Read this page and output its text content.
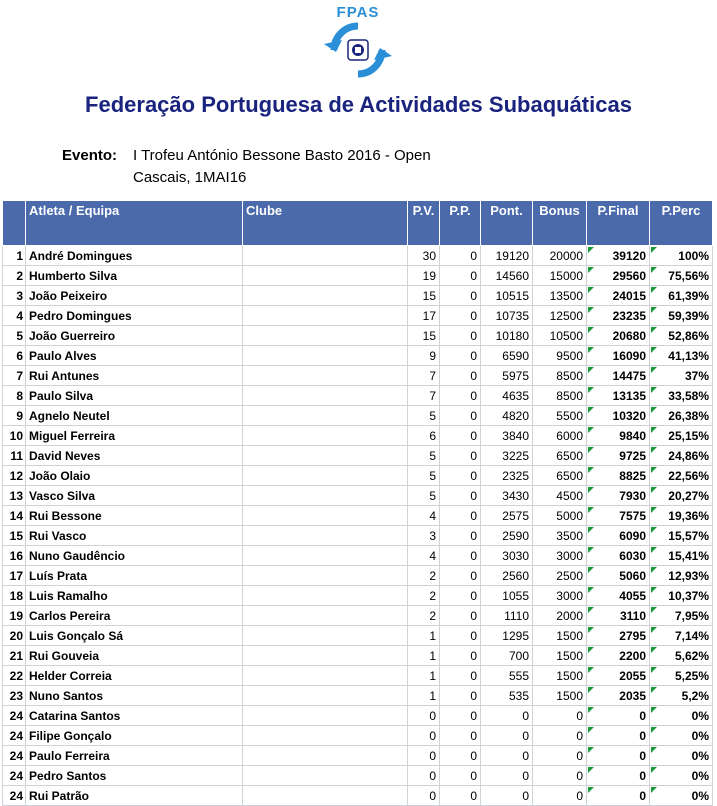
FPAS
Federação Portuguesa de Actividades Subaquáticas
Evento: I Trofeu António Bessone Basto 2016 - Open
Cascais, 1MAI16
	Atleta / Equipa	Clube	P.V.	P.P.	Pont.	Bonus	P.Final	P.Perc
1	André Domingues		30	0	19120	20000	39120	100%
2	Humberto Silva		19	0	14560	15000	29560	75,56%
3	João Peixeiro		15	0	10515	13500	24015	61,39%
4	Pedro Domingues		17	0	10735	12500	23235	59,39%
5	João Guerreiro		15	0	10180	10500	20680	52,86%
6	Paulo Alves		9	0	6590	9500	16090	41,13%
7	Rui Antunes		7	0	5975	8500	14475	37%
8	Paulo Silva		7	0	4635	8500	13135	33,58%
9	Agnelo Neutel		5	0	4820	5500	10320	26,38%
10	Miguel Ferreira		6	0	3840	6000	9840	25,15%
11	David Neves		5	0	3225	6500	9725	24,86%
12	João Olaio		5	0	2325	6500	8825	22,56%
13	Vasco Silva		5	0	3430	4500	7930	20,27%
14	Rui Bessone		4	0	2575	5000	7575	19,36%
15	Rui Vasco		3	0	2590	3500	6090	15,57%
16	Nuno Gaudêncio		4	0	3030	3000	6030	15,41%
17	Luís Prata		2	0	2560	2500	5060	12,93%
18	Luis Ramalho		2	0	1055	3000	4055	10,37%
19	Carlos Pereira		2	0	1110	2000	3110	7,95%
20	Luis Gonçalo Sá		1	0	1295	1500	2795	7,14%
21	Rui Gouveia		1	0	700	1500	2200	5,62%
22	Helder Correia		1	0	555	1500	2055	5,25%
23	Nuno Santos		1	0	535	1500	2035	5,2%
24	Catarina Santos		0	0	0	0	0	0%
24	Filipe Gonçalo		0	0	0	0	0	0%
24	Paulo Ferreira		0	0	0	0	0	0%
24	Pedro Santos		0	0	0	0	0	0%
24	Rui Patrão		0	0	0	0	0	0%
